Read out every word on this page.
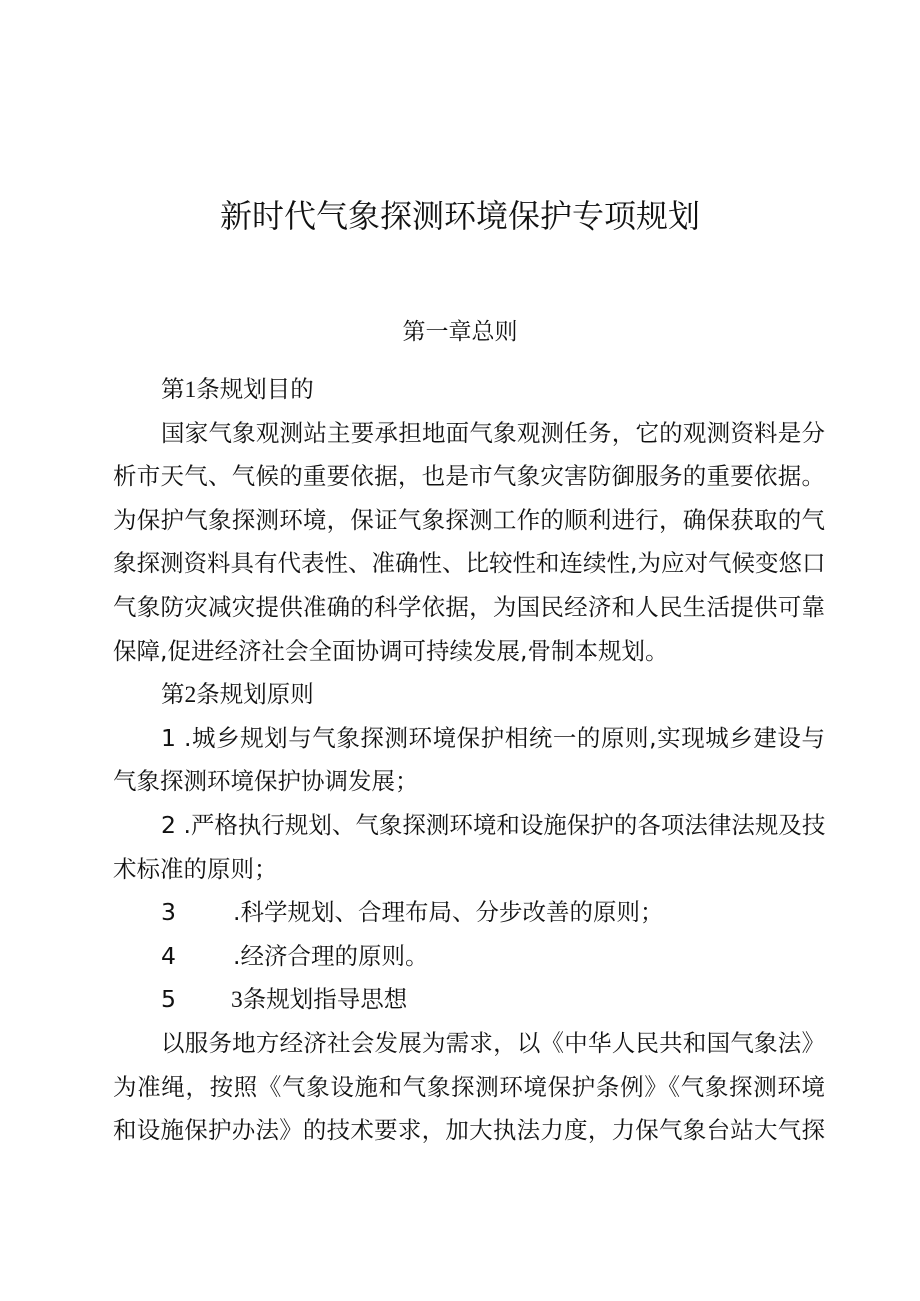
新时代气象探测环境保护专项规划
第一章总则
第1条规划目的
国家气象观测站主要承担地面气象观测任务，它的观测资料是分
析市天气、气候的重要依据，也是市气象灾害防御服务的重要依据。
为保护气象探测环境，保证气象探测工作的顺利进行，确保获取的气
象探测资料具有代表性、准确性、比较性和连续性,为应对气候变悠口
气象防灾减灾提供准确的科学依据，为国民经济和人民生活提供可靠
保障,促进经济社会全面协调可持续发展,骨制本规划。
第2条规划原则
1 .城乡规划与气象探测环境保护相统一的原则,实现城乡建设与
气象探测环境保护协调发展；
2 .严格执行规划、气象探测环境和设施保护的各项法律法规及技
术标准的原则；
3 .科学规划、合理布局、分步改善的原则；
4 .经济合理的原则。
5 3条规划指导思想
以服务地方经济社会发展为需求，以《中华人民共和国气象法》
为准绳，按照《气象设施和气象探测环境保护条例》《气象探测环境
和设施保护办法》的技术要求，加大执法力度，力保气象台站大气探
